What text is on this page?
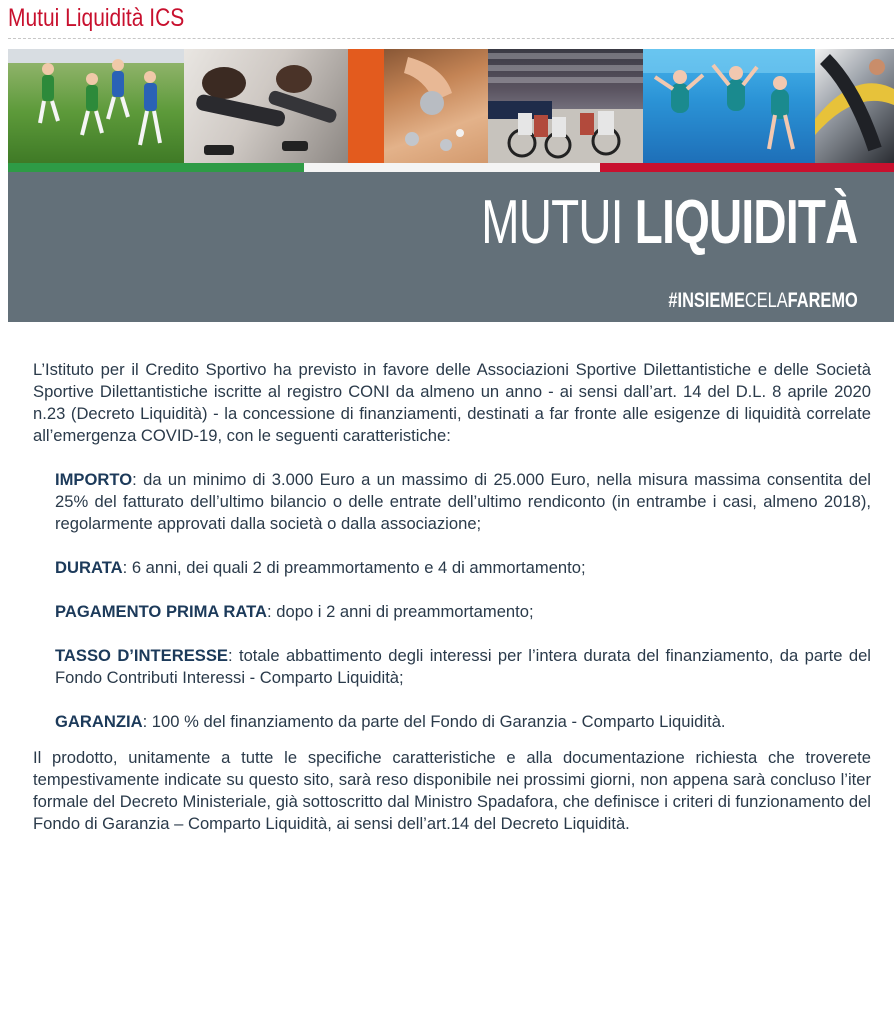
Mutui Liquidità ICS
MUTUI LIQUIDITÀ
#INSIEMECELAFAREMO

L’Istituto per il Credito Sportivo ha previsto in favore delle Associazioni Sportive Dilettantistiche e delle Società Sportive Dilettantistiche iscritte al registro CONI da almeno un anno - ai sensi dall’art. 14 del D.L. 8 aprile 2020 n.23 (Decreto Liquidità) - la concessione di finanziamenti, destinati a far fronte alle esigenze di liquidità correlate all’emergenza COVID-19, con le seguenti caratteristiche:

IMPORTO: da un minimo di 3.000 Euro a un massimo di 25.000 Euro, nella misura massima consentita del 25% del fatturato dell’ultimo bilancio o delle entrate dell’ultimo rendiconto (in entrambe i casi, almeno 2018), regolarmente approvati dalla società o dalla associazione;
DURATA: 6 anni, dei quali 2 di preammortamento e 4 di ammortamento;
PAGAMENTO PRIMA RATA: dopo i 2 anni di preammortamento;
TASSO D’INTERESSE: totale abbattimento degli interessi per l’intera durata del finanziamento, da parte del Fondo Contributi Interessi - Comparto Liquidità;
GARANZIA: 100 % del finanziamento da parte del Fondo di Garanzia - Comparto Liquidità.

Il prodotto, unitamente a tutte le specifiche caratteristiche e alla documentazione richiesta che troverete tempestivamente indicate su questo sito, sarà reso disponibile nei prossimi giorni, non appena sarà concluso l’iter formale del Decreto Ministeriale, già sottoscritto dal Ministro Spadafora, che definisce i criteri di funzionamento del Fondo di Garanzia – Comparto Liquidità, ai sensi dell’art.14 del Decreto Liquidità.
